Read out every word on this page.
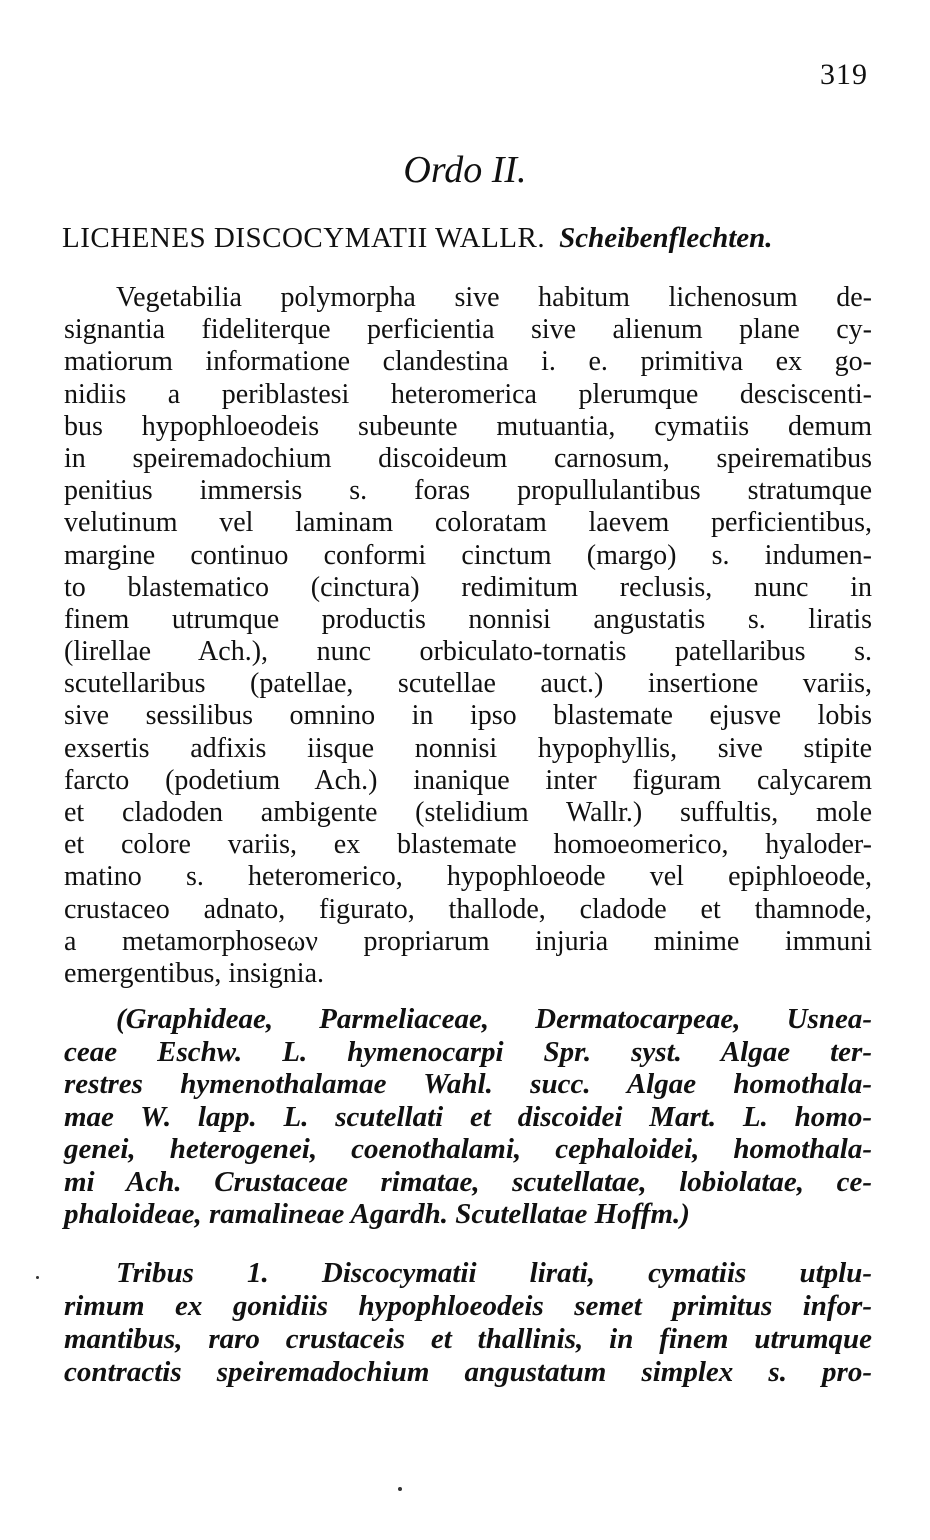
319
Ordo II.
LICHENES DISCOCYMATII WALLR. Scheibenflechten.
Vegetabilia polymorpha sive habitum lichenosum de-
signantia fideliterque perficientia sive alienum plane cy-
matiorum informatione clandestina i. e. primitiva ex go-
nidiis a periblastesi heteromerica plerumque desciscenti-
bus hypophloeodeis subeunte mutuantia, cymatiis demum
in speiremadochium discoideum carnosum, speirematibus
penitius immersis s. foras propullulantibus stratumque
velutinum vel laminam coloratam laevem perficientibus,
margine continuo conformi cinctum (margo) s. indumen-
to blastematico (cinctura) redimitum reclusis, nunc in
finem utrumque productis nonnisi angustatis s. liratis
(lirellae Ach.), nunc orbiculato-tornatis patellaribus s.
scutellaribus (patellae, scutellae auct.) insertione variis,
sive sessilibus omnino in ipso blastemate ejusve lobis
exsertis adfixis iisque nonnisi hypophyllis, sive stipite
farcto (podetium Ach.) inanique inter figuram calycarem
et cladoden ambigente (stelidium Wallr.) suffultis, mole
et colore variis, ex blastemate homoeomerico, hyaloder-
matino s. heteromerico, hypophloeode vel epiphloeode,
crustaceo adnato, figurato, thallode, cladode et thamnode,
a metamorphoseων propriarum injuria minime immuni
emergentibus, insignia.
(Graphideae, Parmeliaceae, Dermatocarpeae, Usnea-
ceae Eschw. L. hymenocarpi Spr. syst. Algae ter-
restres hymenothalamae Wahl. succ. Algae homothala-
mae W. lapp. L. scutellati et discoidei Mart. L. homo-
genei, heterogenei, coenothalami, cephaloidei, homothala-
mi Ach. Crustaceae rimatae, scutellatae, lobiolatae, ce-
phaloideae, ramalineae Agardh. Scutellatae Hoffm.)
Tribus 1. Discocymatii lirati, cymatiis utplu-
rimum ex gonidiis hypophloeodeis semet primitus infor-
mantibus, raro crustaceis et thallinis, in finem utrumque
contractis speiremadochium angustatum simplex s. pro-
